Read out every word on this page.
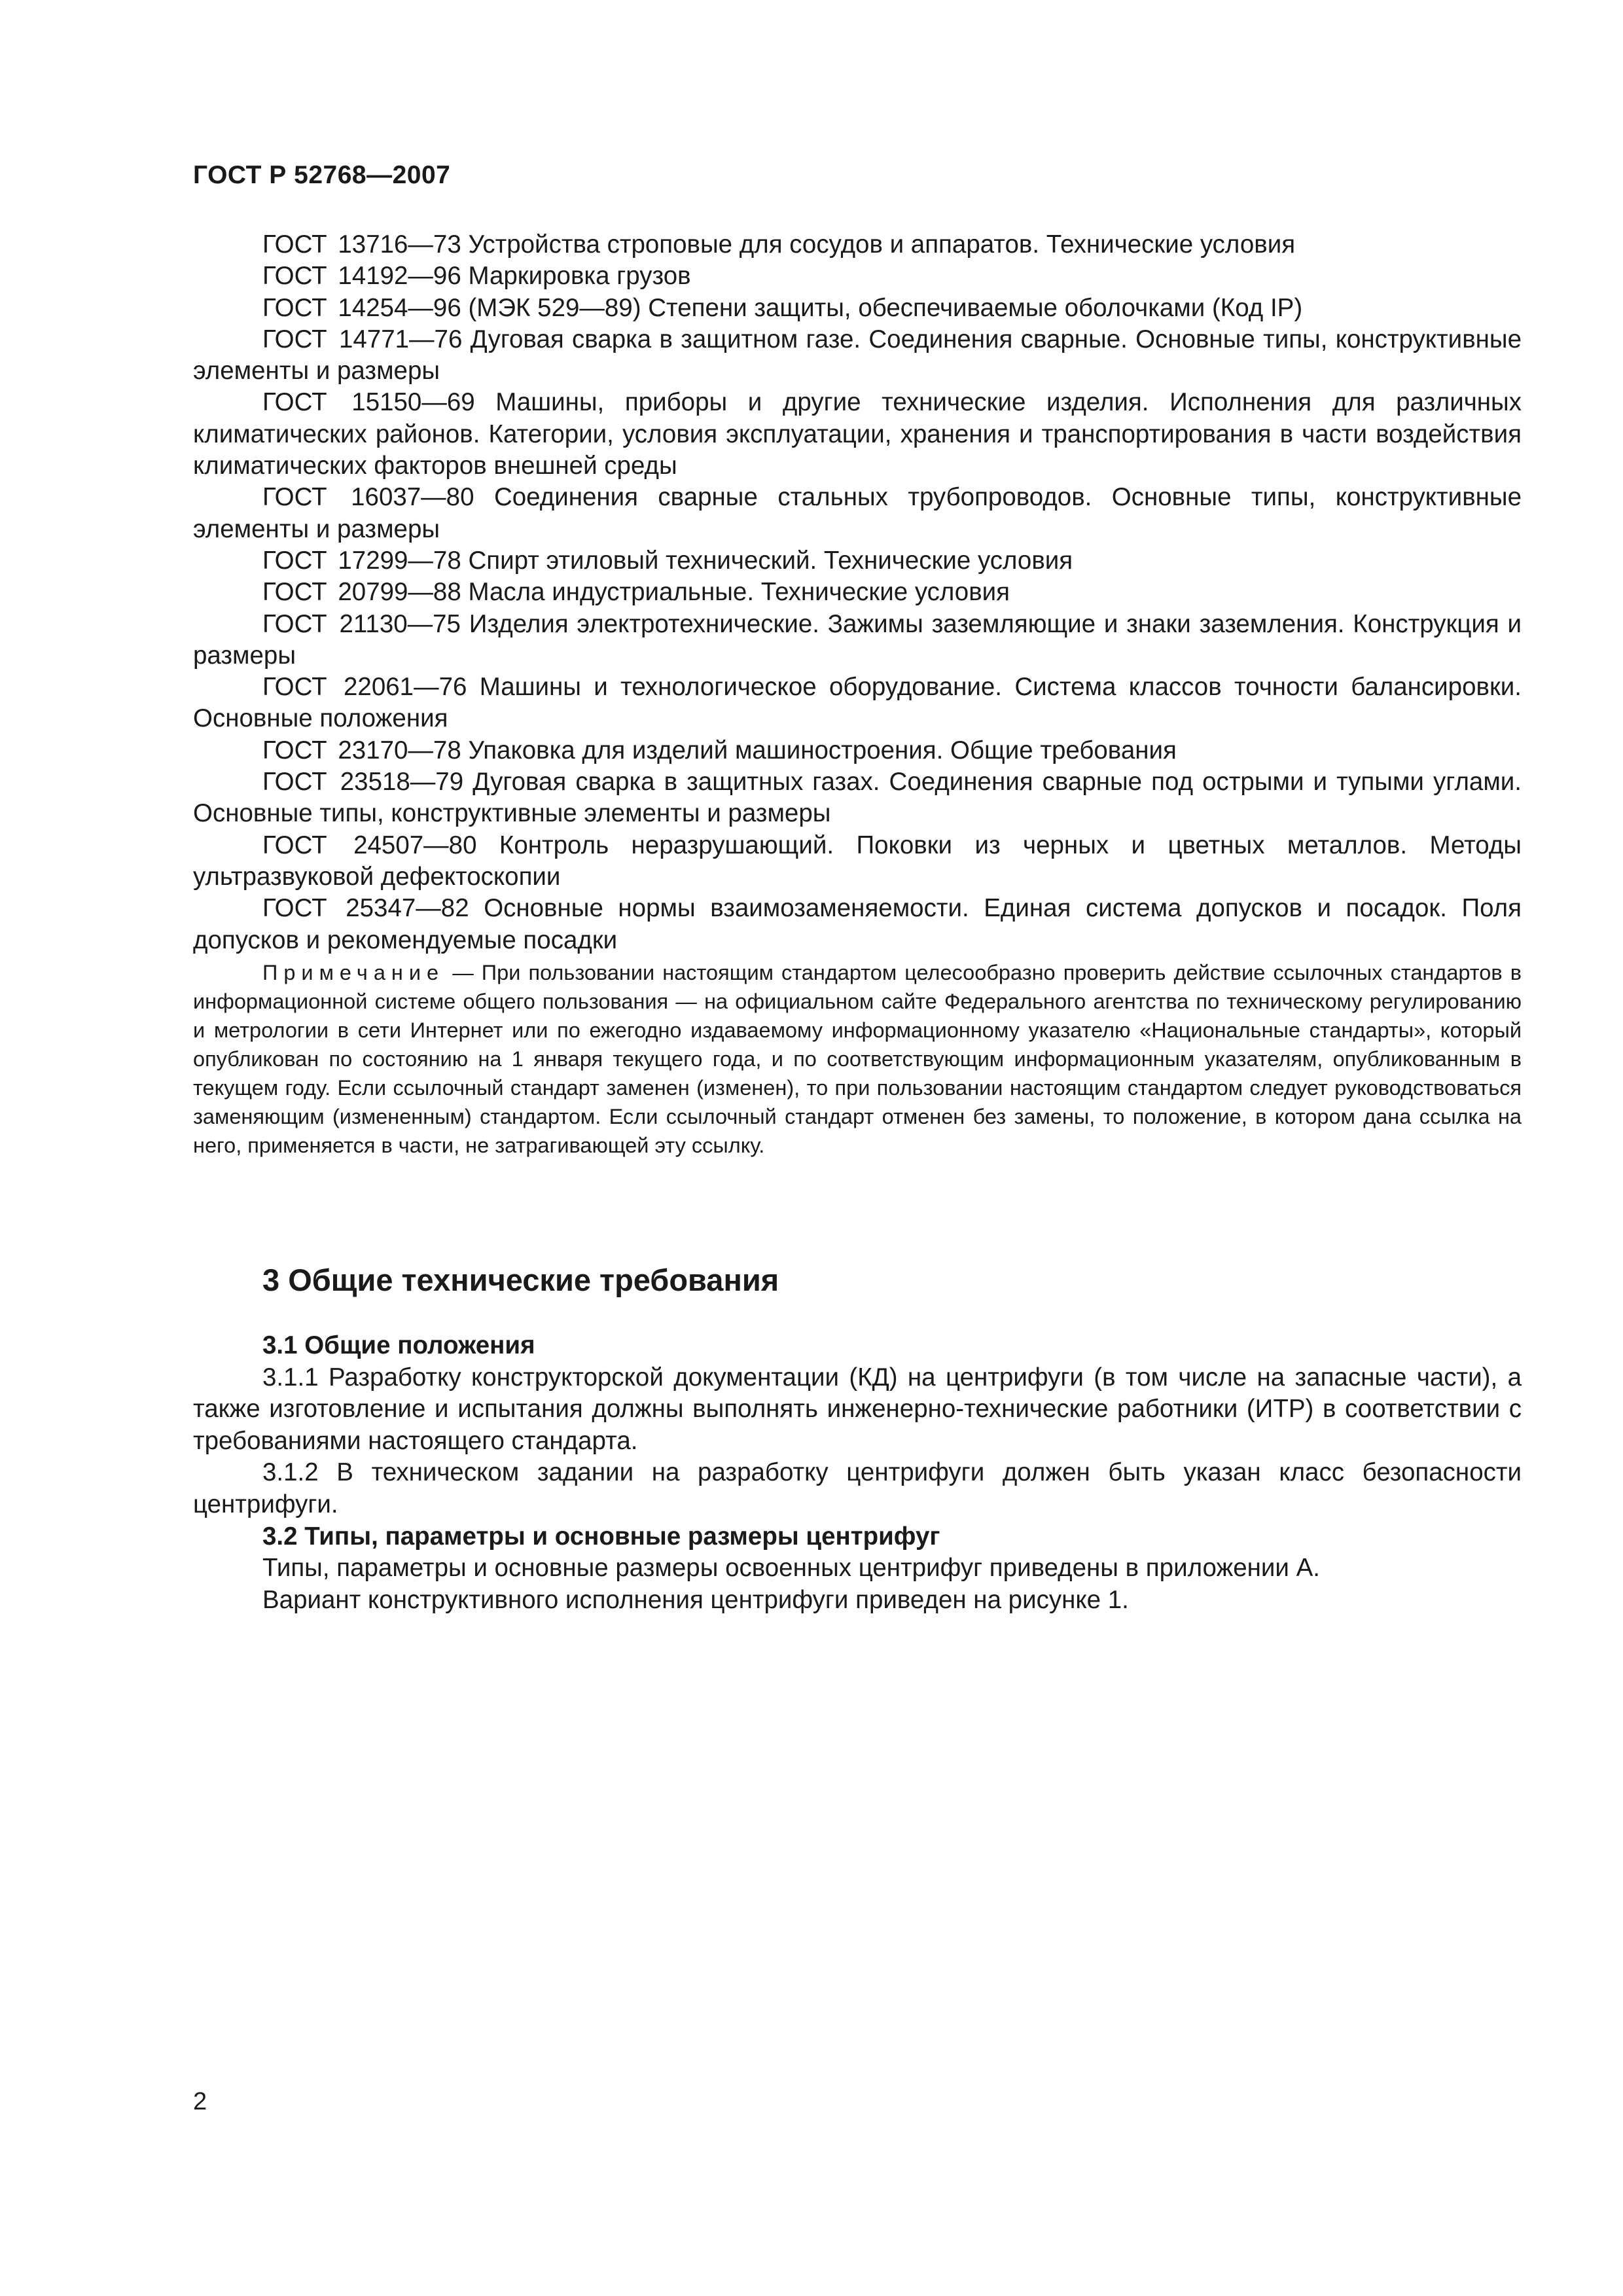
ГОСТ Р 52768—2007
ГОСТ 13716—73 Устройства строповые для сосудов и аппаратов. Технические условия
ГОСТ 14192—96 Маркировка грузов
ГОСТ 14254—96 (МЭК 529—89) Степени защиты, обеспечиваемые оболочками (Код IP)
ГОСТ 14771—76 Дуговая сварка в защитном газе. Соединения сварные. Основные типы, конструктивные элементы и размеры
ГОСТ 15150—69 Машины, приборы и другие технические изделия. Исполнения для различных климатических районов. Категории, условия эксплуатации, хранения и транспортирования в части воздействия климатических факторов внешней среды
ГОСТ 16037—80 Соединения сварные стальных трубопроводов. Основные типы, конструктивные элементы и размеры
ГОСТ 17299—78 Спирт этиловый технический. Технические условия
ГОСТ 20799—88 Масла индустриальные. Технические условия
ГОСТ 21130—75 Изделия электротехнические. Зажимы заземляющие и знаки заземления. Конструкция и размеры
ГОСТ 22061—76 Машины и технологическое оборудование. Система классов точности балансировки. Основные положения
ГОСТ 23170—78 Упаковка для изделий машиностроения. Общие требования
ГОСТ 23518—79 Дуговая сварка в защитных газах. Соединения сварные под острыми и тупыми углами. Основные типы, конструктивные элементы и размеры
ГОСТ 24507—80 Контроль неразрушающий. Поковки из черных и цветных металлов. Методы ультразвуковой дефектоскопии
ГОСТ 25347—82 Основные нормы взаимозаменяемости. Единая система допусков и посадок. Поля допусков и рекомендуемые посадки
Примечание — При пользовании настоящим стандартом целесообразно проверить действие ссылочных стандартов в информационной системе общего пользования — на официальном сайте Федерального агентства по техническому регулированию и метрологии в сети Интернет или по ежегодно издаваемому информационному указателю «Национальные стандарты», который опубликован по состоянию на 1 января текущего года, и по соответствующим информационным указателям, опубликованным в текущем году. Если ссылочный стандарт заменен (изменен), то при пользовании настоящим стандартом следует руководствоваться заменяющим (измененным) стандартом. Если ссылочный стандарт отменен без замены, то положение, в котором дана ссылка на него, применяется в части, не затрагивающей эту ссылку.
3 Общие технические требования

3.1 Общие положения

3.1.1 Разработку конструкторской документации (КД) на центрифуги (в том числе на запасные части), а также изготовление и испытания должны выполнять инженерно-технические работники (ИТР) в соответствии с требованиями настоящего стандарта.

3.1.2 В техническом задании на разработку центрифуги должен быть указан класс безопасности центрифуги.

3.2 Типы, параметры и основные размеры центрифуг

Типы, параметры и основные размеры освоенных центрифуг приведены в приложении А.

Вариант конструктивного исполнения центрифуги приведен на рисунке 1.

2
